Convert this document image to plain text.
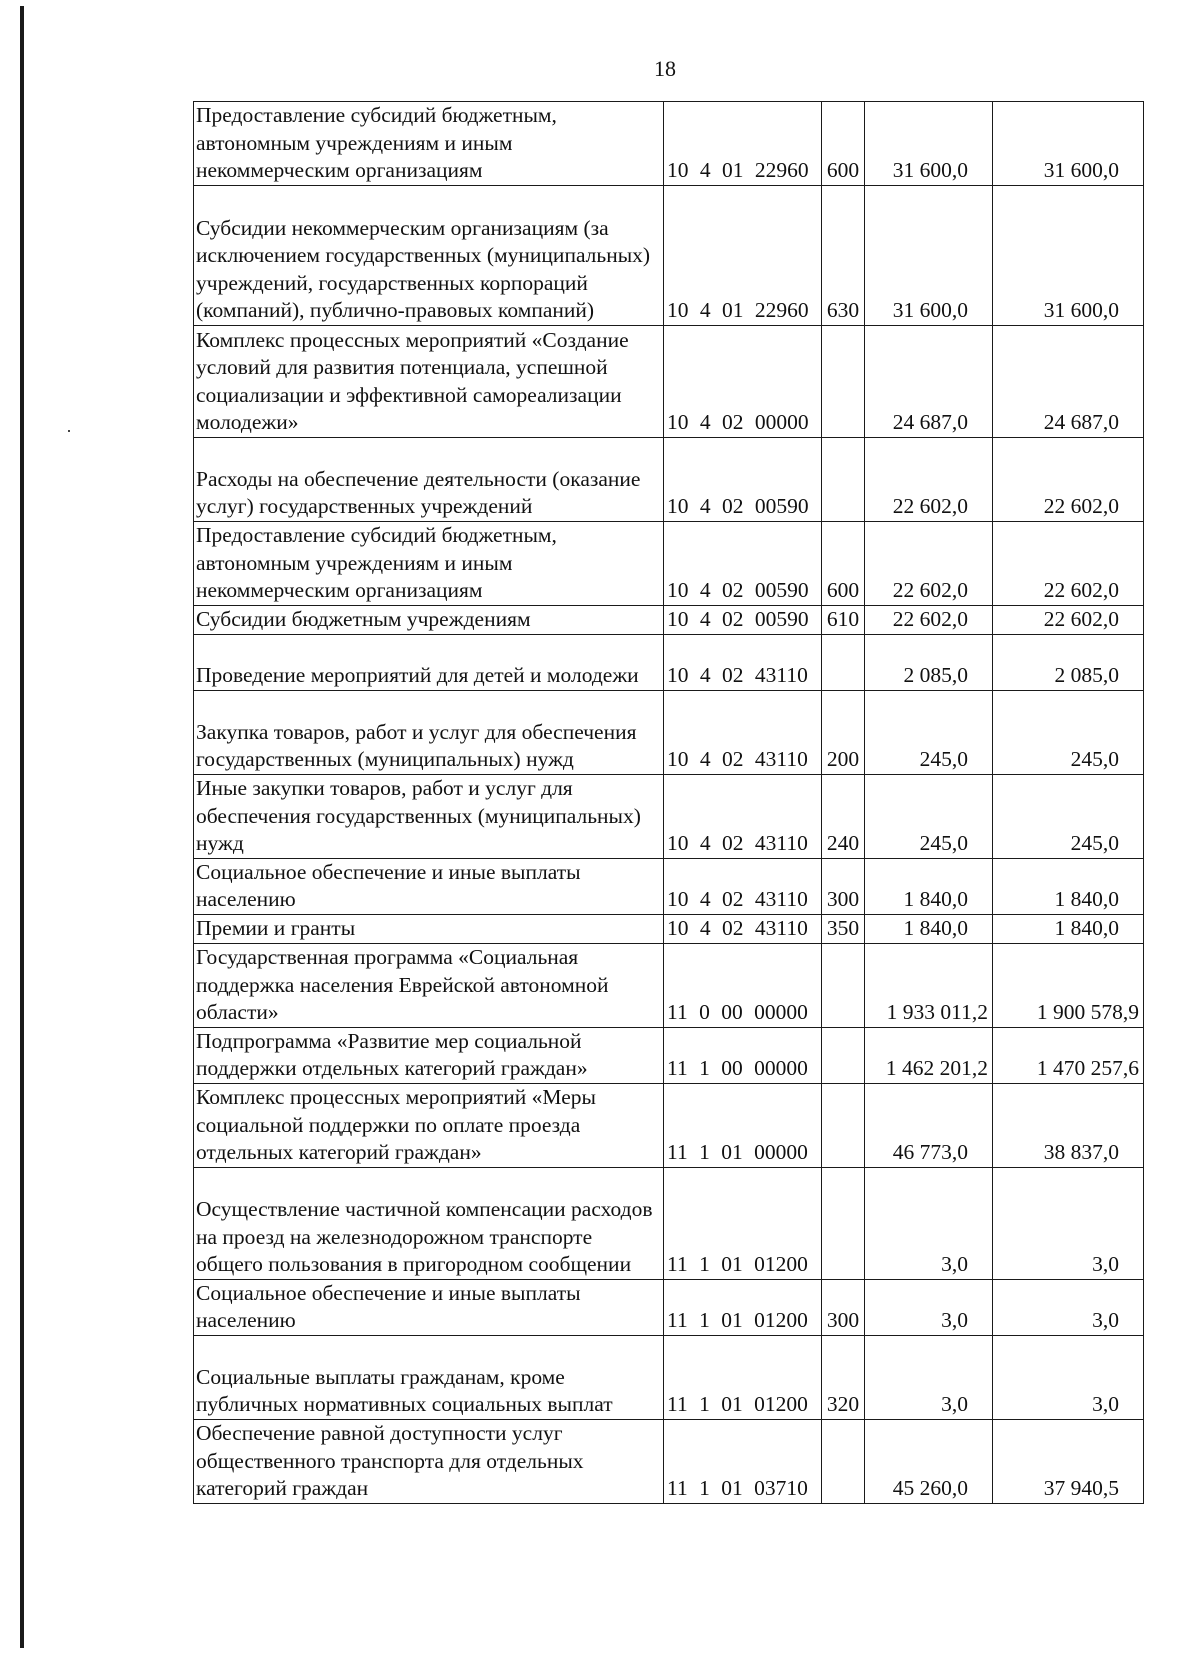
18
Предоставление субсидий бюджетным, автономным учреждениям и иным некоммерческим организациям	10 4 01 22960	600	31 600,0	31 600,0
Субсидии некоммерческим организациям (за исключением государственных (муниципальных) учреждений, государственных корпораций (компаний), публично-правовых компаний)	10 4 01 22960	630	31 600,0	31 600,0
Комплекс процессных мероприятий «Создание условий для развития потенциала, успешной социализации и эффективной самореализации молодежи»	10 4 02 00000		24 687,0	24 687,0
Расходы на обеспечение деятельности (оказание услуг) государственных учреждений	10 4 02 00590		22 602,0	22 602,0
Предоставление субсидий бюджетным, автономным учреждениям и иным некоммерческим организациям	10 4 02 00590	600	22 602,0	22 602,0
Субсидии бюджетным учреждениям	10 4 02 00590	610	22 602,0	22 602,0
Проведение мероприятий для детей и молодежи	10 4 02 43110		2 085,0	2 085,0
Закупка товаров, работ и услуг для обеспечения государственных (муниципальных) нужд	10 4 02 43110	200	245,0	245,0
Иные закупки товаров, работ и услуг для обеспечения государственных (муниципальных) нужд	10 4 02 43110	240	245,0	245,0
Социальное обеспечение и иные выплаты населению	10 4 02 43110	300	1 840,0	1 840,0
Премии и гранты	10 4 02 43110	350	1 840,0	1 840,0
Государственная программа «Социальная поддержка населения Еврейской автономной области»	11 0 00 00000		1 933 011,2	1 900 578,9
Подпрограмма «Развитие мер социальной поддержки отдельных категорий граждан»	11 1 00 00000		1 462 201,2	1 470 257,6
Комплекс процессных мероприятий «Меры социальной поддержки по оплате проезда отдельных категорий граждан»	11 1 01 00000		46 773,0	38 837,0
Осуществление частичной компенсации расходов на проезд на железнодорожном транспорте общего пользования в пригородном сообщении	11 1 01 01200		3,0	3,0
Социальное обеспечение и иные выплаты населению	11 1 01 01200	300	3,0	3,0
Социальные выплаты гражданам, кроме публичных нормативных социальных выплат	11 1 01 01200	320	3,0	3,0
Обеспечение равной доступности услуг общественного транспорта для отдельных категорий граждан	11 1 01 03710		45 260,0	37 940,5
